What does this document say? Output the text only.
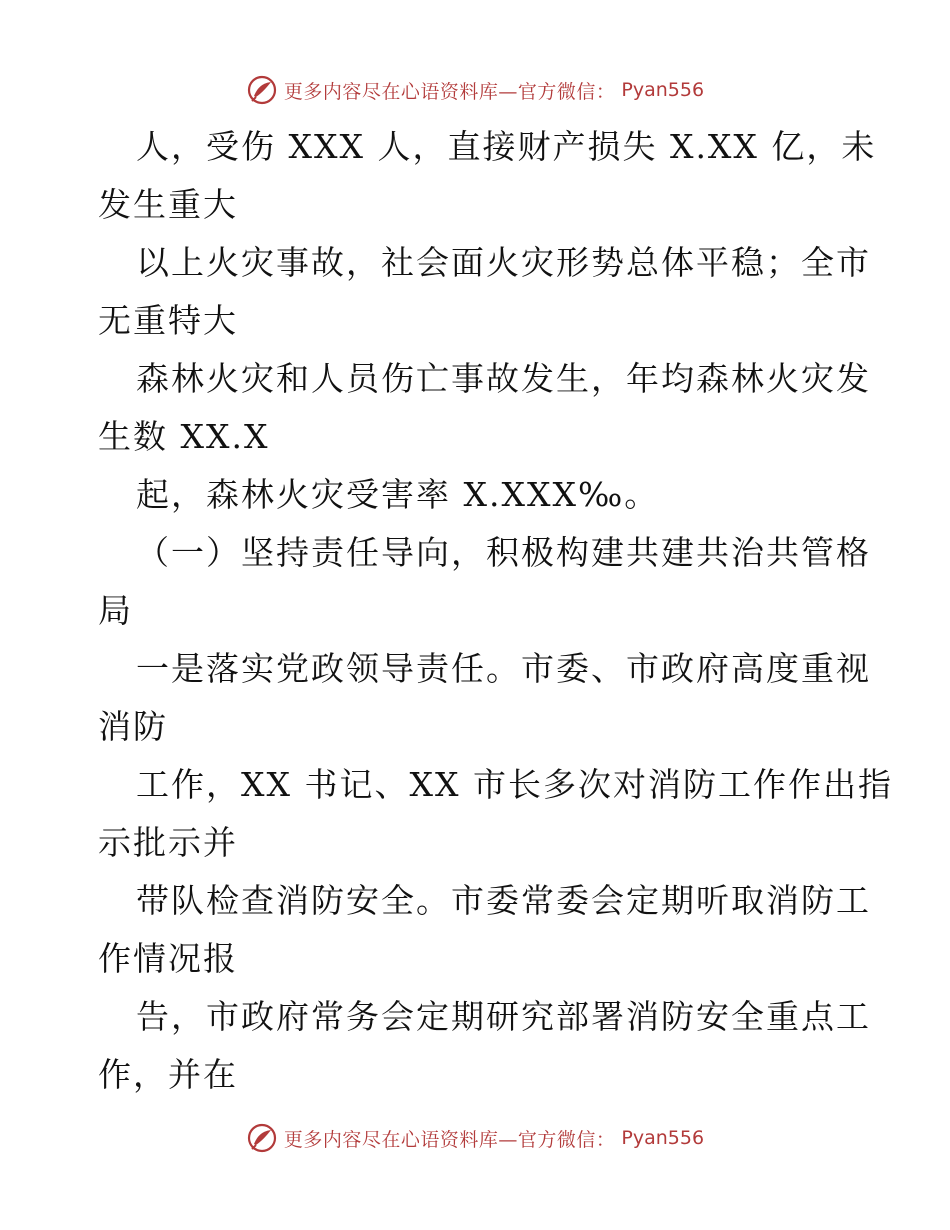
更多内容尽在心语资料库—官方微信： Pyan556
人，受伤 XXX 人，直接财产损失 X.XX 亿，未
发生重大
以上火灾事故，社会面火灾形势总体平稳；全市
无重特大
森林火灾和人员伤亡事故发生，年均森林火灾发
生数 XX.X
起，森林火灾受害率 X.XXX‰。
（一）坚持责任导向，积极构建共建共治共管格
局
一是落实党政领导责任。市委、市政府高度重视
消防
工作，XX 书记、XX 市长多次对消防工作作出指
示批示并
带队检查消防安全。市委常委会定期听取消防工
作情况报
告，市政府常务会定期研究部署消防安全重点工
作，并在
更多内容尽在心语资料库—官方微信： Pyan556
